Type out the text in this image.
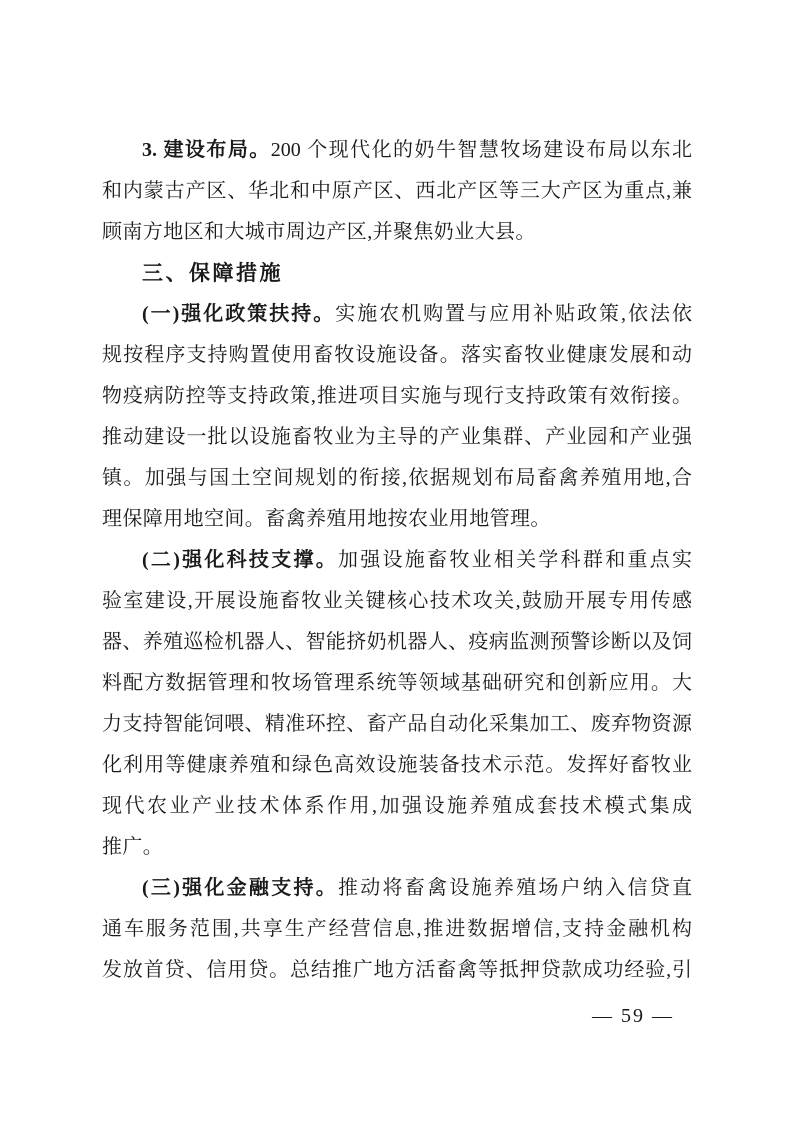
3. 建设布局。200 个现代化的奶牛智慧牧场建设布局以东北

和内蒙古产区、华北和中原产区、西北产区等三大产区为重点,兼

顾南方地区和大城市周边产区,并聚焦奶业大县。

三、保障措施

(一)强化政策扶持。实施农机购置与应用补贴政策,依法依

规按程序支持购置使用畜牧设施设备。落实畜牧业健康发展和动

物疫病防控等支持政策,推进项目实施与现行支持政策有效衔接。

推动建设一批以设施畜牧业为主导的产业集群、产业园和产业强

镇。加强与国土空间规划的衔接,依据规划布局畜禽养殖用地,合

理保障用地空间。畜禽养殖用地按农业用地管理。

(二)强化科技支撑。加强设施畜牧业相关学科群和重点实

验室建设,开展设施畜牧业关键核心技术攻关,鼓励开展专用传感

器、养殖巡检机器人、智能挤奶机器人、疫病监测预警诊断以及饲

料配方数据管理和牧场管理系统等领域基础研究和创新应用。大

力支持智能饲喂、精准环控、畜产品自动化采集加工、废弃物资源

化利用等健康养殖和绿色高效设施装备技术示范。发挥好畜牧业

现代农业产业技术体系作用,加强设施养殖成套技术模式集成

推广。

(三)强化金融支持。推动将畜禽设施养殖场户纳入信贷直

通车服务范围,共享生产经营信息,推进数据增信,支持金融机构

发放首贷、信用贷。总结推广地方活畜禽等抵押贷款成功经验,引

— 59 —
